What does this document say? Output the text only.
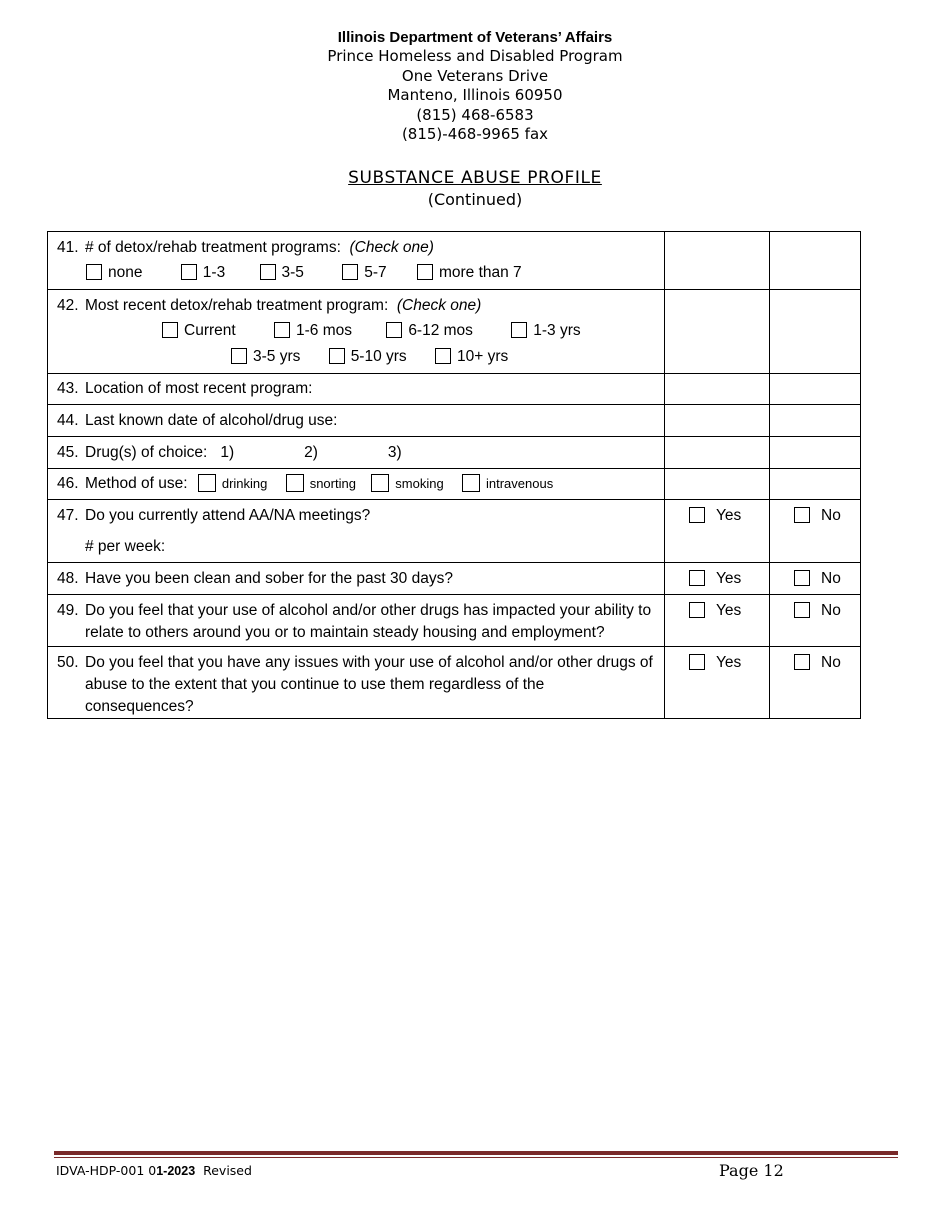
Illinois Department of Veterans’ Affairs
Prince Homeless and Disabled Program
One Veterans Drive
Manteno, Illinois 60950
(815) 468-6583
(815)-468-9965 fax
SUBSTANCE ABUSE PROFILE
(Continued)
41. # of detox/rehab treatment programs: (Check one)
none 1-3 3-5 5-7 more than 7		

42. Most recent detox/rehab treatment program: (Check one)
Current 1-6 mos 6-12 mos 1-3 yrs
3-5 yrs 5-10 yrs 10+ yrs		

43. Location of most recent program:		

44. Last known date of alcohol/drug use:		

45. Drug(s) of choice: 1) 2) 3)		

46. Method of use: drinking snorting smoking intravenous		

47. Do you currently attend AA/NA meetings?
# per week:	Yes	No

48. Have you been clean and sober for the past 30 days?	Yes	No

49. Do you feel that your use of alcohol and/or other drugs has impacted your ability to
relate to others around you or to maintain steady housing and employment?	Yes	No

50. Do you feel that you have any issues with your use of alcohol and/or other drugs of
abuse to the extent that you continue to use them regardless of the consequences?	Yes	No
IDVA-HDP-001 01-2023 Revised	Page 12
